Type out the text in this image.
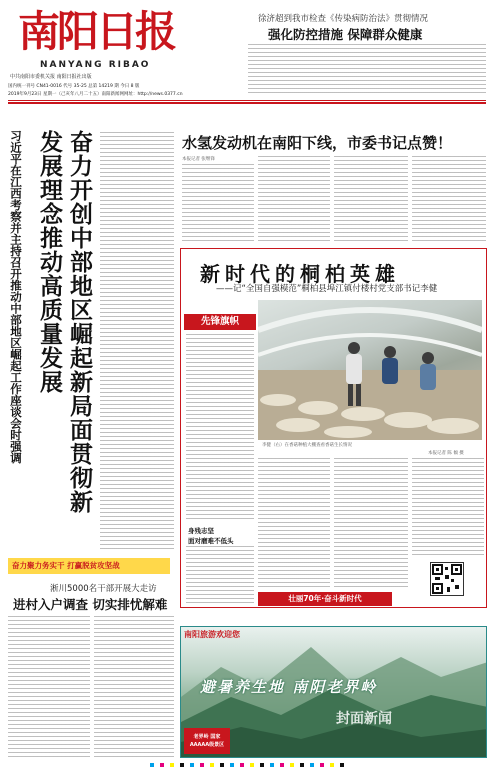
南阳日报
NANYANG RIBAO
中共南阳市委机关报 南阳日报社出版
国内统一刊号 CN41-0016 代号 35-25 总第 14219 期 今日 8 版
2019年9月23日 星期一（己亥年八月二十五）南阳新闻网网址：http://news.0377.cn
徐济超到我市检查《传染病防治法》贯彻情况
强化防控措施 保障群众健康
习近平在江西考察并主持召开推动中部地区崛起工作座谈会时强调	奋力开创中部地区崛起新局面贯彻新发展理念推动高质量发展
奋力聚力务实干 打赢脱贫攻坚战
淅川5000名干部开展大走访
进村入户调查 切实排忧解难
水氢发动机在南阳下线，市委书记点赞！
本报记者 张继锋
新时代的桐柏英雄
——记“全国自强模范”桐柏县埠江镇付楼村党支部书记李健
先锋旗帜
李健（右）在香菇种植大棚查看香菇生长情况
本报记者 陈 倾 摄
身残志坚
面对磨难不低头
壮丽70年·奋斗新时代
南阳旅游欢迎您
避暑养生地 南阳老界岭
老界岭 国家AAAAA级景区
封面新闻
